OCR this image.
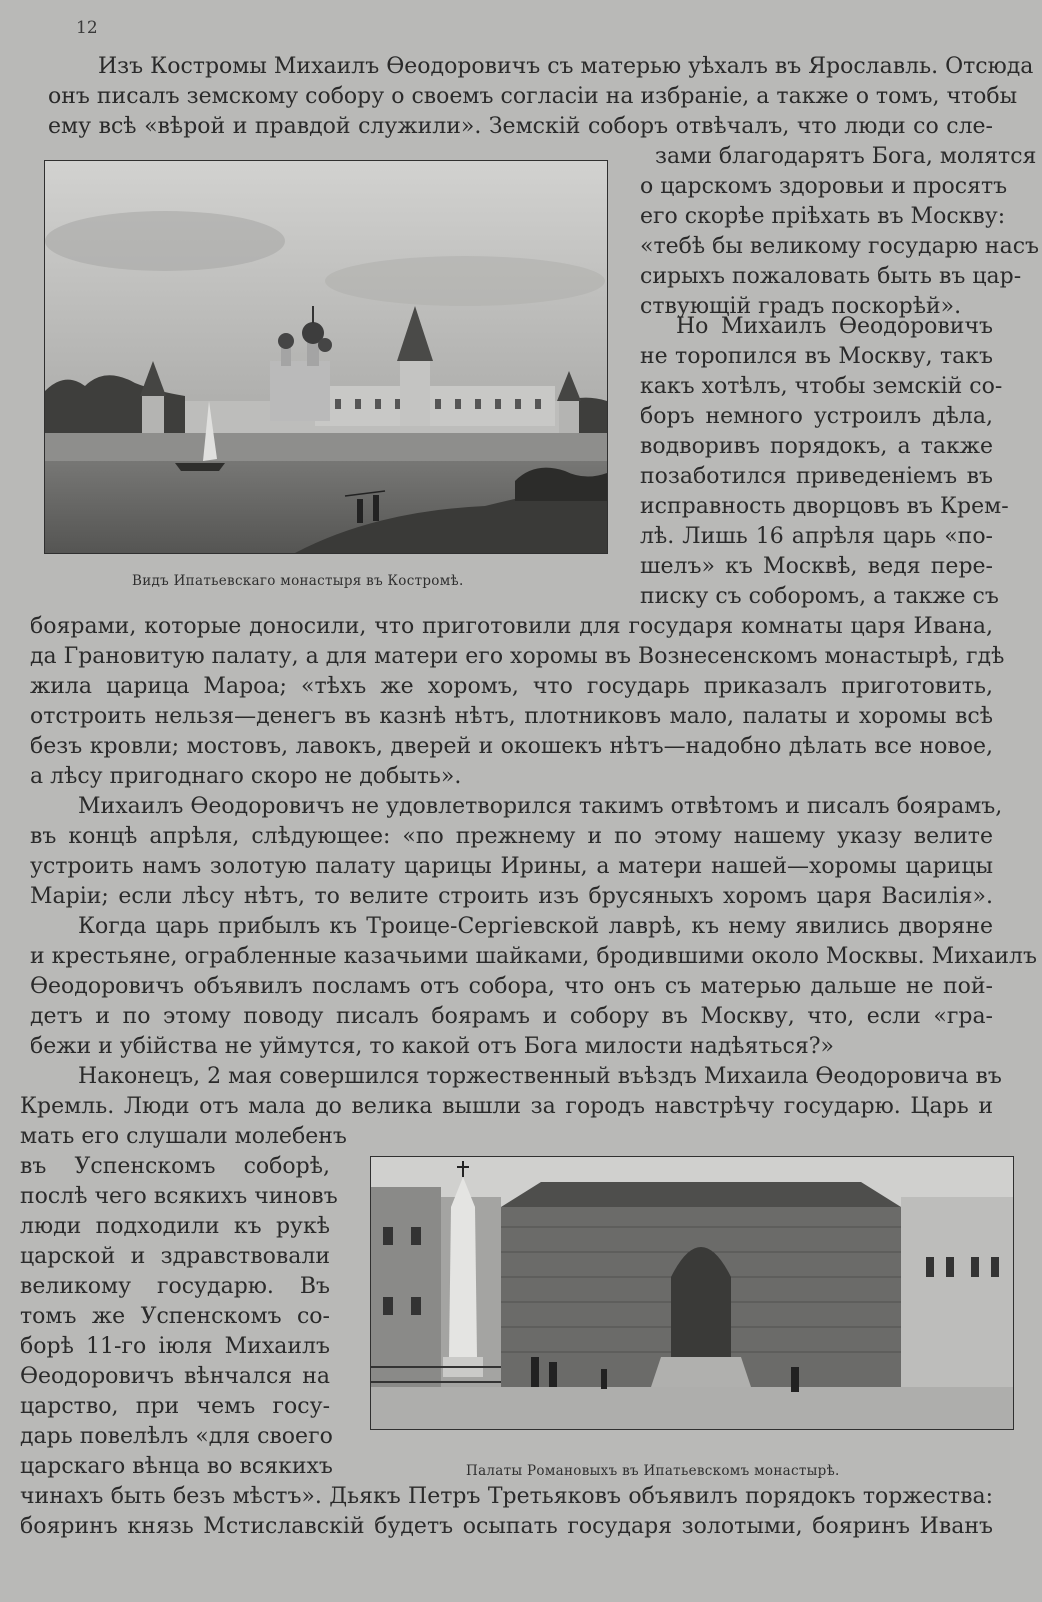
12
Изъ Костромы Михаилъ Ѳеодоровичъ съ матерью уѣхалъ въ Ярославль. Отсюда
онъ писалъ земскому собору о своемъ согласіи на избраніе, а также о томъ, чтобы
ему всѣ «вѣрой и правдой служили». Земскій соборъ отвѣчалъ, что люди со сле-
зами благодарятъ Бога, молятся
о царскомъ здоровьи и просятъ
его скорѣе пріѣхать въ Москву:
«тебѣ бы великому государю насъ
сирыхъ пожаловать быть въ цар-
ствующій градъ поскорѣй».
Видъ Ипатьевскаго монастыря въ Костромѣ.
Но Михаилъ Ѳеодоровичъ
не торопился въ Москву, такъ
какъ хотѣлъ, чтобы земскій со-
боръ немного устроилъ дѣла,
водворивъ порядокъ, а также
позаботился приведеніемъ въ
исправность дворцовъ въ Крем-
лѣ. Лишь 16 апрѣля царь «по-
шелъ» къ Москвѣ, ведя пере-
писку съ соборомъ, а также съ
боярами, которые доносили, что приготовили для государя комнаты царя Ивана,
да Грановитую палату, а для матери его хоромы въ Вознесенскомъ монастырѣ, гдѣ
жила царица Мароа; «тѣхъ же хоромъ, что государь приказалъ приготовить,
отстроить нельзя—денегъ въ казнѣ нѣтъ, плотниковъ мало, палаты и хоромы всѣ
безъ кровли; мостовъ, лавокъ, дверей и окошекъ нѣтъ—надобно дѣлать все новое,
а лѣсу пригоднаго скоро не добыть».
Михаилъ Ѳеодоровичъ не удовлетворился такимъ отвѣтомъ и писалъ боярамъ,
въ концѣ апрѣля, слѣдующее: «по прежнему и по этому нашему указу велите
устроить намъ золотую палату царицы Ирины, а матери нашей—хоромы царицы
Маріи; если лѣсу нѣтъ, то велите строить изъ брусяныхъ хоромъ царя Василія».
Когда царь прибылъ къ Троице-Сергіевской лаврѣ, къ нему явились дворяне
и крестьяне, ограбленные казачьими шайками, бродившими около Москвы. Михаилъ
Ѳеодоровичъ объявилъ посламъ отъ собора, что онъ съ матерью дальше не пой-
детъ и по этому поводу писалъ боярамъ и собору въ Москву, что, если «гра-
бежи и убійства не уймутся, то какой отъ Бога милости надѣяться?»
Наконецъ, 2 мая совершился торжественный въѣздъ Михаила Ѳеодоровича въ
Кремль. Люди отъ мала до велика вышли за городъ навстрѣчу государю. Царь и
мать его слушали молебенъ
въ Успенскомъ соборѣ,
послѣ чего всякихъ чиновъ
люди подходили къ рукѣ
царской и здравствовали
великому государю. Въ
томъ же Успенскомъ со-
борѣ 11-го іюля Михаилъ
Ѳеодоровичъ вѣнчался на
царство, при чемъ госу-
дарь повелѣлъ «для своего
царскаго вѣнца во всякихъ
чинахъ быть безъ мѣстъ». Дьякъ Петръ Третьяковъ объявилъ порядокъ торжества:
бояринъ князь Мстиславскій будетъ осыпать государя золотыми, бояринъ Иванъ
Палаты Романовыхъ въ Ипатьевскомъ монастырѣ.
